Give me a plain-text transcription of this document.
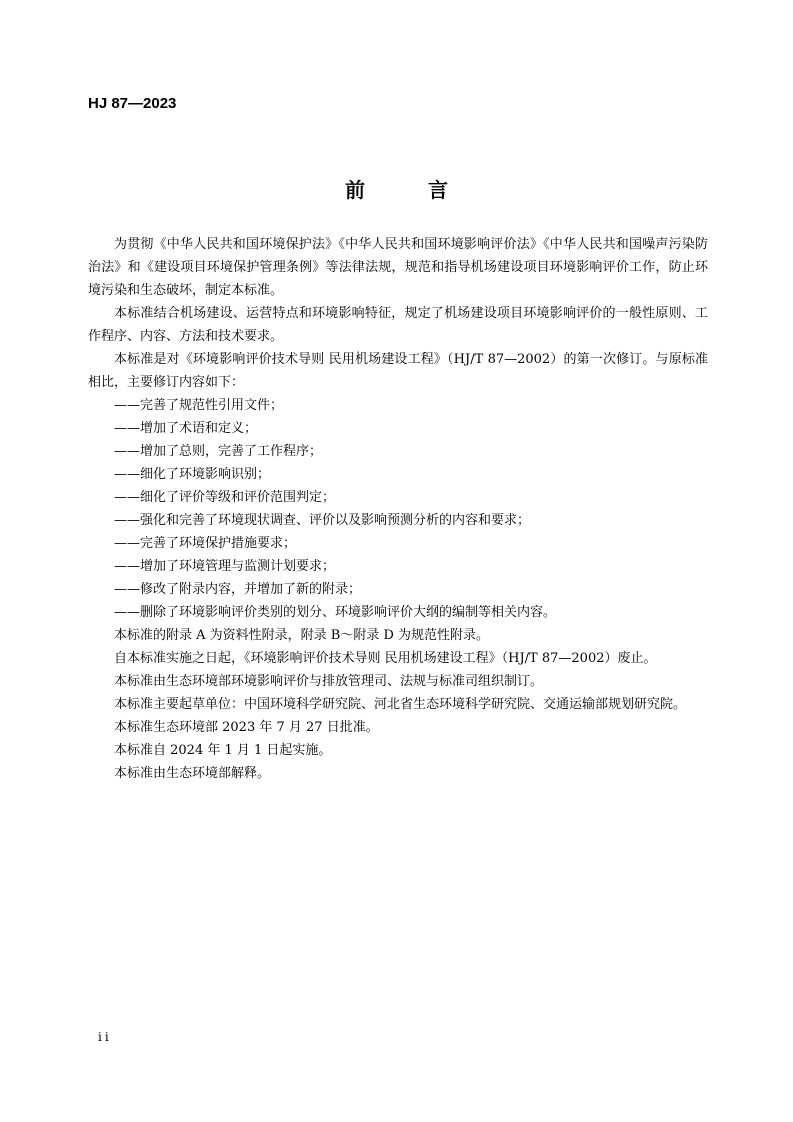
HJ 87—2023
前 言

为贯彻《中华人民共和国环境保护法》《中华人民共和国环境影响评价法》《中华人民共和国噪声污染防治法》和《建设项目环境保护管理条例》等法律法规，规范和指导机场建设项目环境影响评价工作，防止环境污染和生态破坏，制定本标准。

本标准结合机场建设、运营特点和环境影响特征，规定了机场建设项目环境影响评价的一般性原则、工作程序、内容、方法和技术要求。

本标准是对《环境影响评价技术导则 民用机场建设工程》（HJ/T 87—2002）的第一次修订。与原标准相比，主要修订内容如下：

——完善了规范性引用文件；

——增加了术语和定义；

——增加了总则，完善了工作程序；

——细化了环境影响识别；

——细化了评价等级和评价范围判定；

——强化和完善了环境现状调查、评价以及影响预测分析的内容和要求；

——完善了环境保护措施要求；

——增加了环境管理与监测计划要求；

——修改了附录内容，并增加了新的附录；

——删除了环境影响评价类别的划分、环境影响评价大纲的编制等相关内容。

本标准的附录 A 为资料性附录，附录 B～附录 D 为规范性附录。

自本标准实施之日起，《环境影响评价技术导则 民用机场建设工程》（HJ/T 87—2002）废止。

本标准由生态环境部环境影响评价与排放管理司、法规与标准司组织制订。

本标准主要起草单位：中国环境科学研究院、河北省生态环境科学研究院、交通运输部规划研究院。

本标准生态环境部 2023 年 7 月 27 日批准。

本标准自 2024 年 1 月 1 日起实施。

本标准由生态环境部解释。

ii
